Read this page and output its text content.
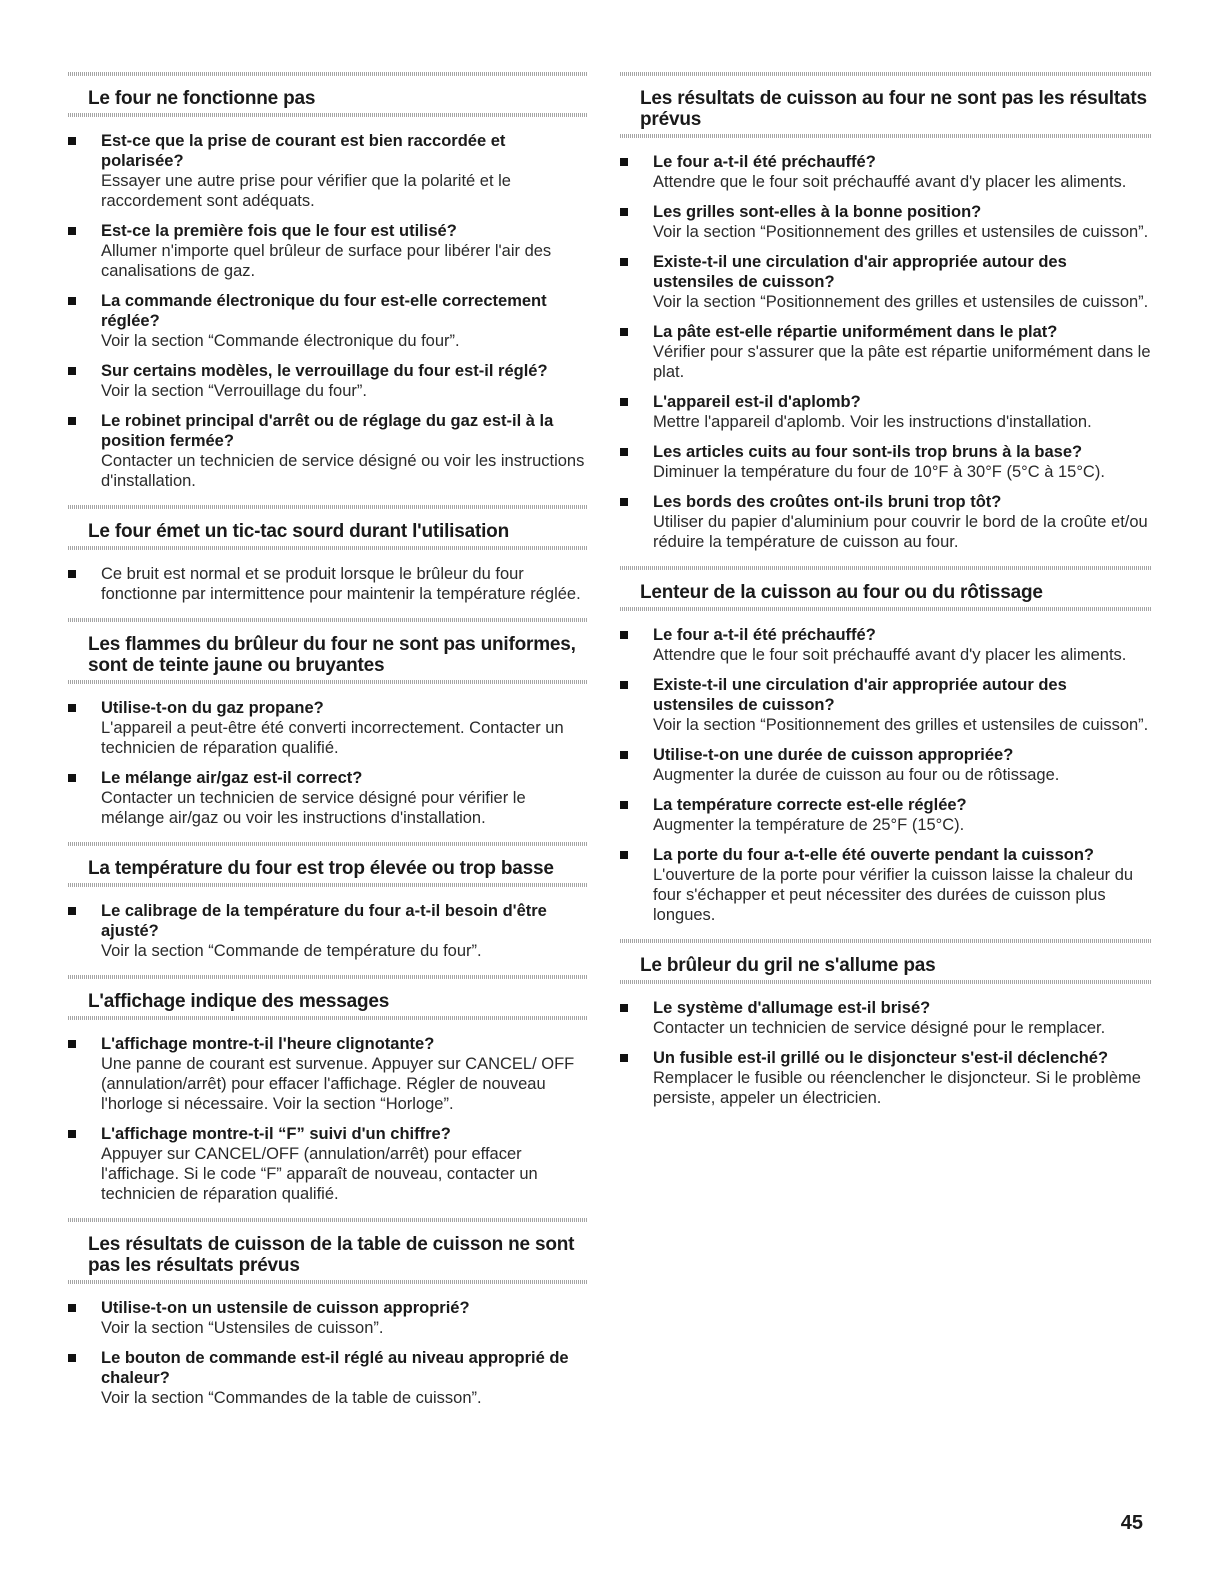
Le four ne fonctionne pas
Est-ce que la prise de courant est bien raccordée et polarisée?
Essayer une autre prise pour vérifier que la polarité et le raccordement sont adéquats.
Est-ce la première fois que le four est utilisé?
Allumer n'importe quel brûleur de surface pour libérer l'air des canalisations de gaz.
La commande électronique du four est-elle correctement réglée?
Voir la section “Commande électronique du four”.
Sur certains modèles, le verrouillage du four est-il réglé?
Voir la section “Verrouillage du four”.
Le robinet principal d'arrêt ou de réglage du gaz est-il à la position fermée?
Contacter un technicien de service désigné ou voir les instructions d'installation.
Le four émet un tic-tac sourd durant l'utilisation
Ce bruit est normal et se produit lorsque le brûleur du four fonctionne par intermittence pour maintenir la température réglée.
Les flammes du brûleur du four ne sont pas uniformes, sont de teinte jaune ou bruyantes
Utilise-t-on du gaz propane?
L'appareil a peut-être été converti incorrectement. Contacter un technicien de réparation qualifié.
Le mélange air/gaz est-il correct?
Contacter un technicien de service désigné pour vérifier le mélange air/gaz ou voir les instructions d'installation.
La température du four est trop élevée ou trop basse
Le calibrage de la température du four a-t-il besoin d'être ajusté?
Voir la section “Commande de température du four”.
L'affichage indique des messages
L'affichage montre-t-il l'heure clignotante?
Une panne de courant est survenue. Appuyer sur CANCEL/ OFF (annulation/arrêt) pour effacer l'affichage. Régler de nouveau l'horloge si nécessaire. Voir la section “Horloge”.
L'affichage montre-t-il “F” suivi d'un chiffre?
Appuyer sur CANCEL/OFF (annulation/arrêt) pour effacer l'affichage. Si le code “F” apparaît de nouveau, contacter un technicien de réparation qualifié.
Les résultats de cuisson de la table de cuisson ne sont pas les résultats prévus
Utilise-t-on un ustensile de cuisson approprié?
Voir la section “Ustensiles de cuisson”.
Le bouton de commande est-il réglé au niveau approprié de chaleur?
Voir la section “Commandes de la table de cuisson”.
Les résultats de cuisson au four ne sont pas les résultats prévus
Le four a-t-il été préchauffé?
Attendre que le four soit préchauffé avant d'y placer les aliments.
Les grilles sont-elles à la bonne position?
Voir la section “Positionnement des grilles et ustensiles de cuisson”.
Existe-t-il une circulation d'air appropriée autour des ustensiles de cuisson?
Voir la section “Positionnement des grilles et ustensiles de cuisson”.
La pâte est-elle répartie uniformément dans le plat?
Vérifier pour s'assurer que la pâte est répartie uniformément dans le plat.
L'appareil est-il d'aplomb?
Mettre l'appareil d'aplomb. Voir les instructions d'installation.
Les articles cuits au four sont-ils trop bruns à la base?
Diminuer la température du four de 10°F à 30°F (5°C à 15°C).
Les bords des croûtes ont-ils bruni trop tôt?
Utiliser du papier d'aluminium pour couvrir le bord de la croûte et/ou réduire la température de cuisson au four.
Lenteur de la cuisson au four ou du rôtissage
Le four a-t-il été préchauffé?
Attendre que le four soit préchauffé avant d'y placer les aliments.
Existe-t-il une circulation d'air appropriée autour des ustensiles de cuisson?
Voir la section “Positionnement des grilles et ustensiles de cuisson”.
Utilise-t-on une durée de cuisson appropriée?
Augmenter la durée de cuisson au four ou de rôtissage.
La température correcte est-elle réglée?
Augmenter la température de 25°F (15°C).
La porte du four a-t-elle été ouverte pendant la cuisson?
L'ouverture de la porte pour vérifier la cuisson laisse la chaleur du four s'échapper et peut nécessiter des durées de cuisson plus longues.
Le brûleur du gril ne s'allume pas
Le système d'allumage est-il brisé?
Contacter un technicien de service désigné pour le remplacer.
Un fusible est-il grillé ou le disjoncteur s'est-il déclenché?
Remplacer le fusible ou réenclencher le disjoncteur. Si le problème persiste, appeler un électricien.
45
